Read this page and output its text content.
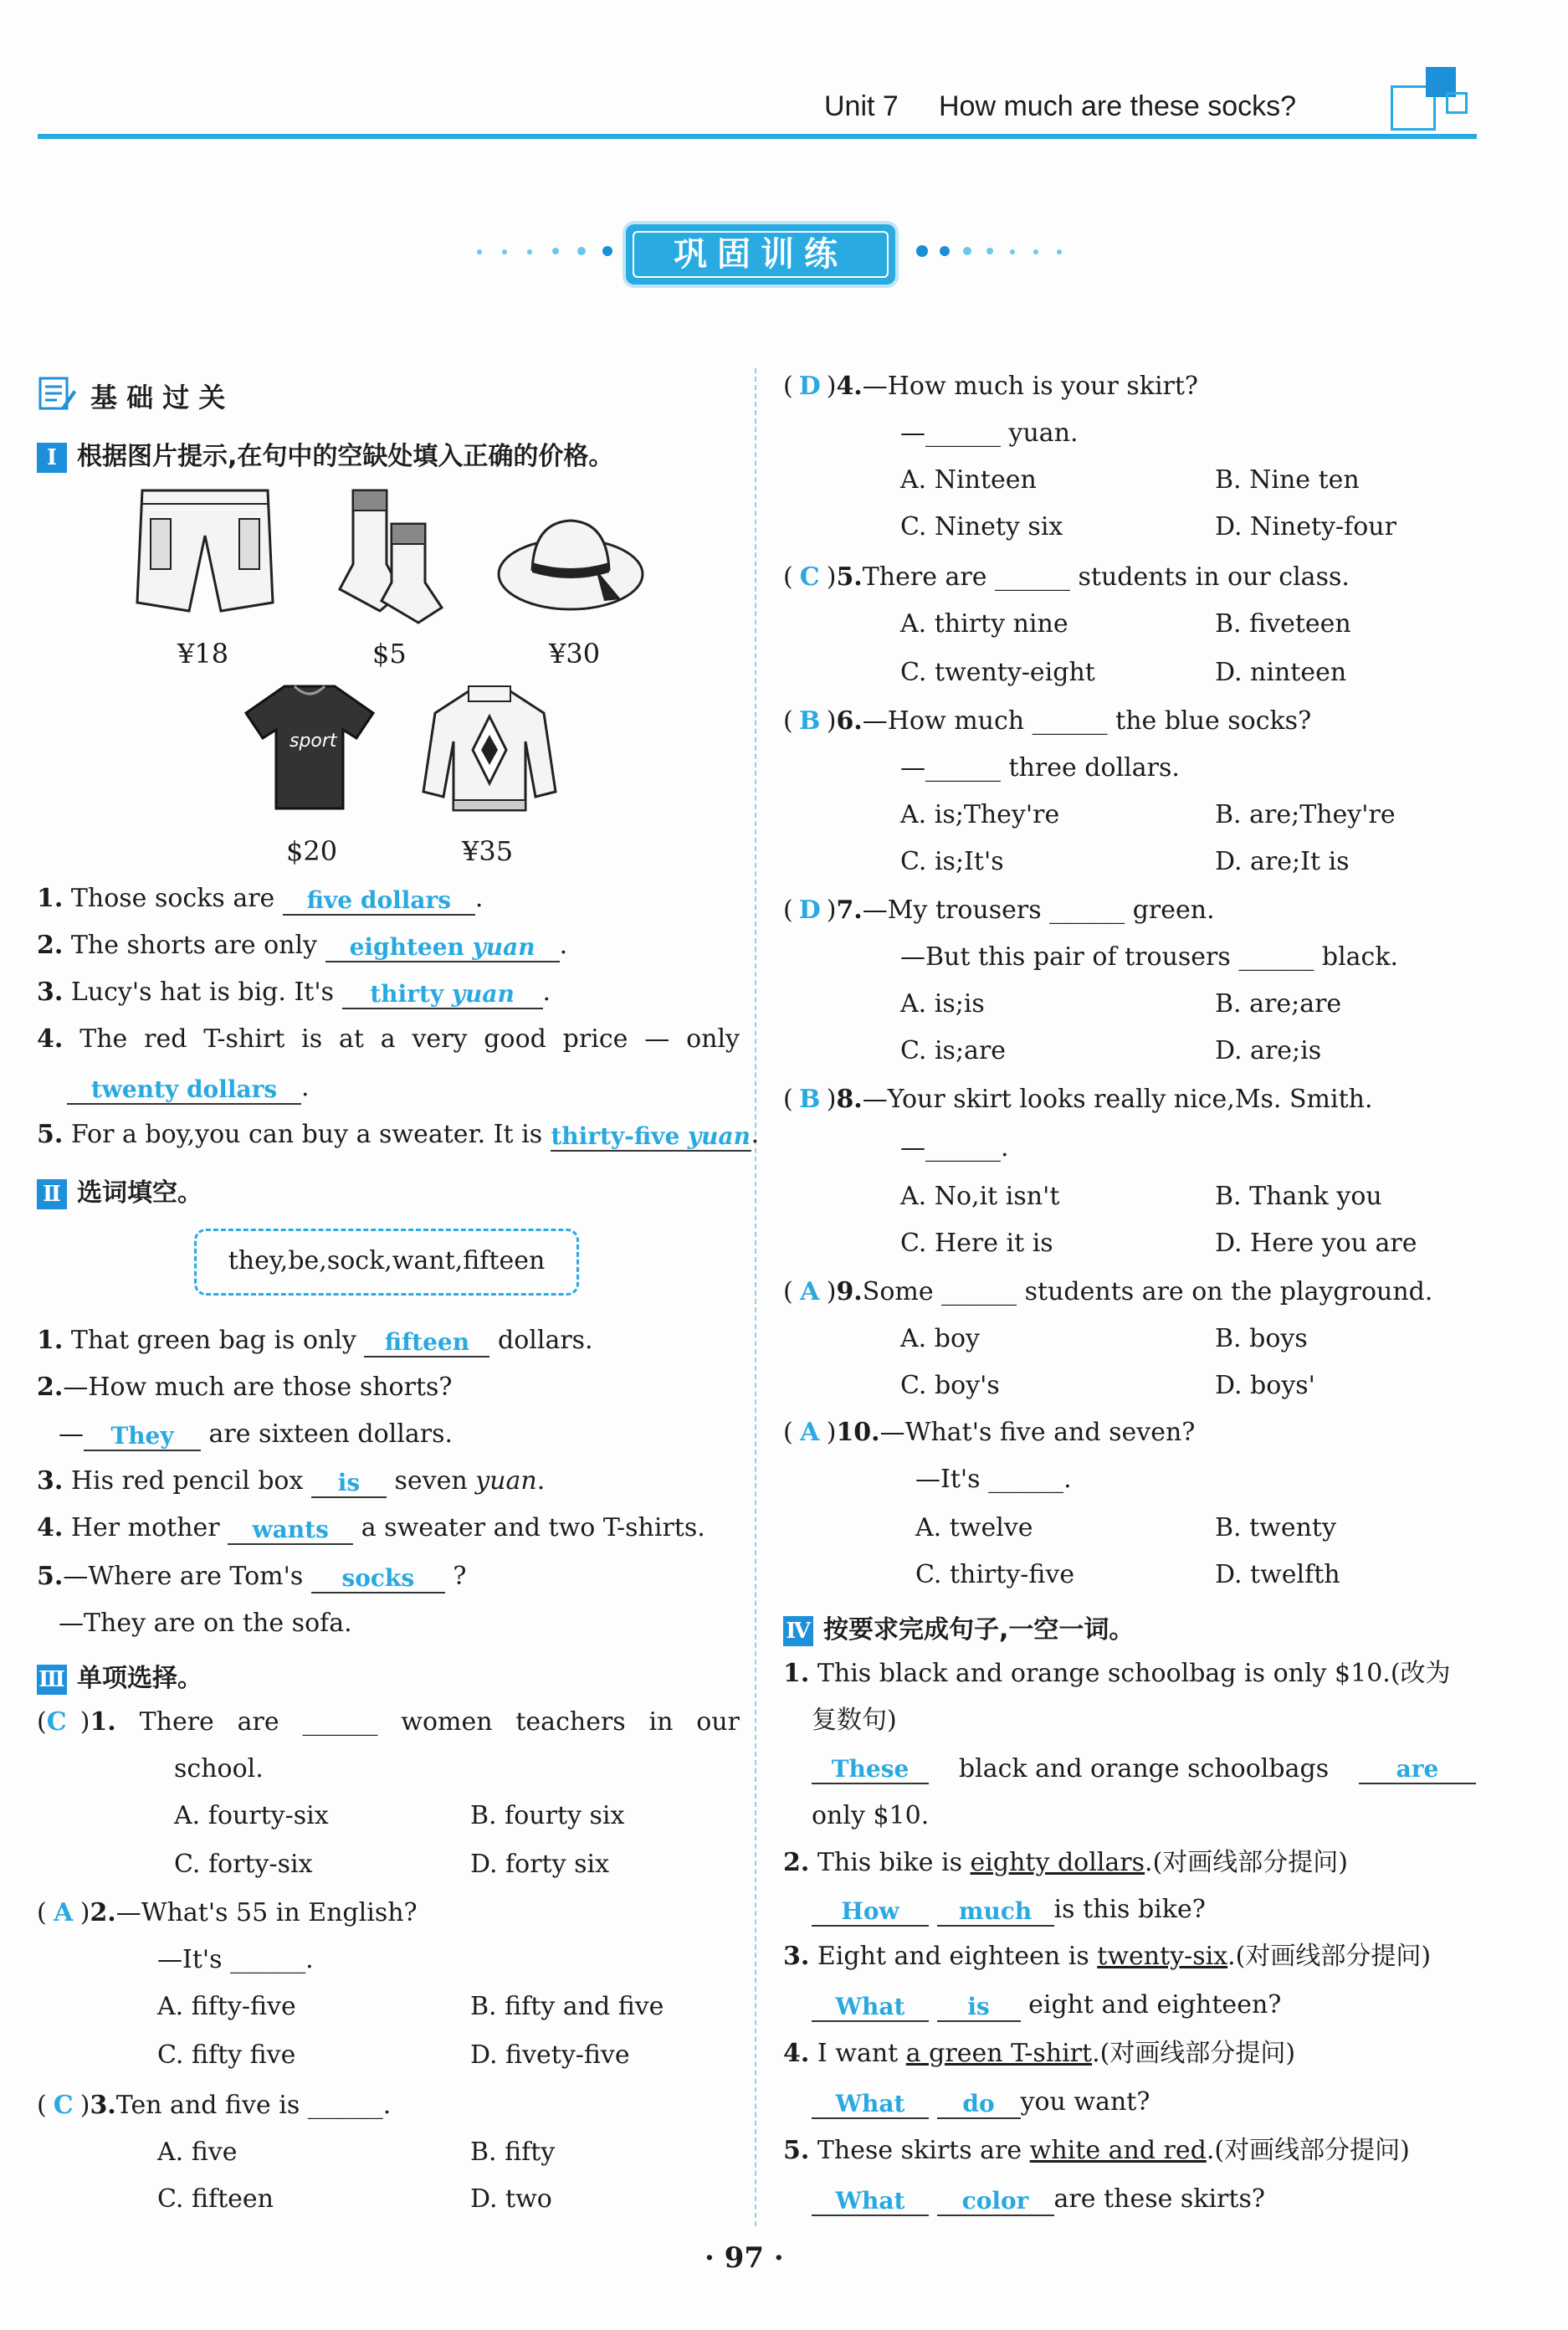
Unit 7 How much are these socks?
巩固训练
基 础 过 关
Ⅰ 根据图片提示,在句中的空缺处填入正确的价格。
¥18	$5	¥30
sport
$20	¥35
1. Those socks are five dollars .
2. The shorts are only eighteen yuan .
3. Lucy's hat is big. It's thirty yuan .
4. The red T-shirt is at a very good price — only
twenty dollars .
5. For a boy,you can buy a sweater. It is thirty-five yuan.
Ⅱ 选词填空。
they,be,sock,want,fifteen
1. That green bag is only fifteen dollars.
2.—How much are those shorts?
— They are sixteen dollars.
3. His red pencil box is seven yuan.
4. Her mother wants a sweater and two T-shirts.
5.—Where are Tom's socks ?
—They are on the sofa.
Ⅲ 单项选择。
(C )1. There are ______ women teachers in our
school.
A. fourty-six	B. fourty six
C. forty-six	D. forty six
( A )2.—What's 55 in English?
—It's ______.
A. fifty-five	B. fifty and five
C. fifty five	D. fivety-five
( C )3.Ten and five is ______.
A. five	B. fifty
C. fifteen	D. two
( D )4.—How much is your skirt?
—______ yuan.
A. Ninteen	B. Nine ten
C. Ninety six	D. Ninety-four
( C )5.There are ______ students in our class.
A. thirty nine	B. fiveteen
C. twenty-eight	D. ninteen
( B )6.—How much ______ the blue socks?
—______ three dollars.
A. is;They're	B. are;They're
C. is;It's	D. are;It is
( D )7.—My trousers ______ green.
—But this pair of trousers ______ black.
A. is;is	B. are;are
C. is;are	D. are;is
( B )8.—Your skirt looks really nice,Ms. Smith.
—______.
A. No,it isn't	B. Thank you
C. Here it is	D. Here you are
( A )9.Some ______ students are on the playground.
A. boy	B. boys
C. boy's	D. boys'
( A )10.—What's five and seven?
—It's ______.
A. twelve	B. twenty
C. thirty-five	D. twelfth
Ⅳ 按要求完成句子,一空一词。
1. This black and orange schoolbag is only $10.(改为
复数句)
These	black and orange schoolbags	are
only $10.
2. This bike is eighty dollars.(对画线部分提问)
How	much is this bike?
3. Eight and eighteen is twenty-six.(对画线部分提问)
What	is eight and eighteen?
4. I want a green T-shirt.(对画线部分提问)
What do you want?
5. These skirts are white and red.(对画线部分提问)
What color are these skirts?
· 97 ·
